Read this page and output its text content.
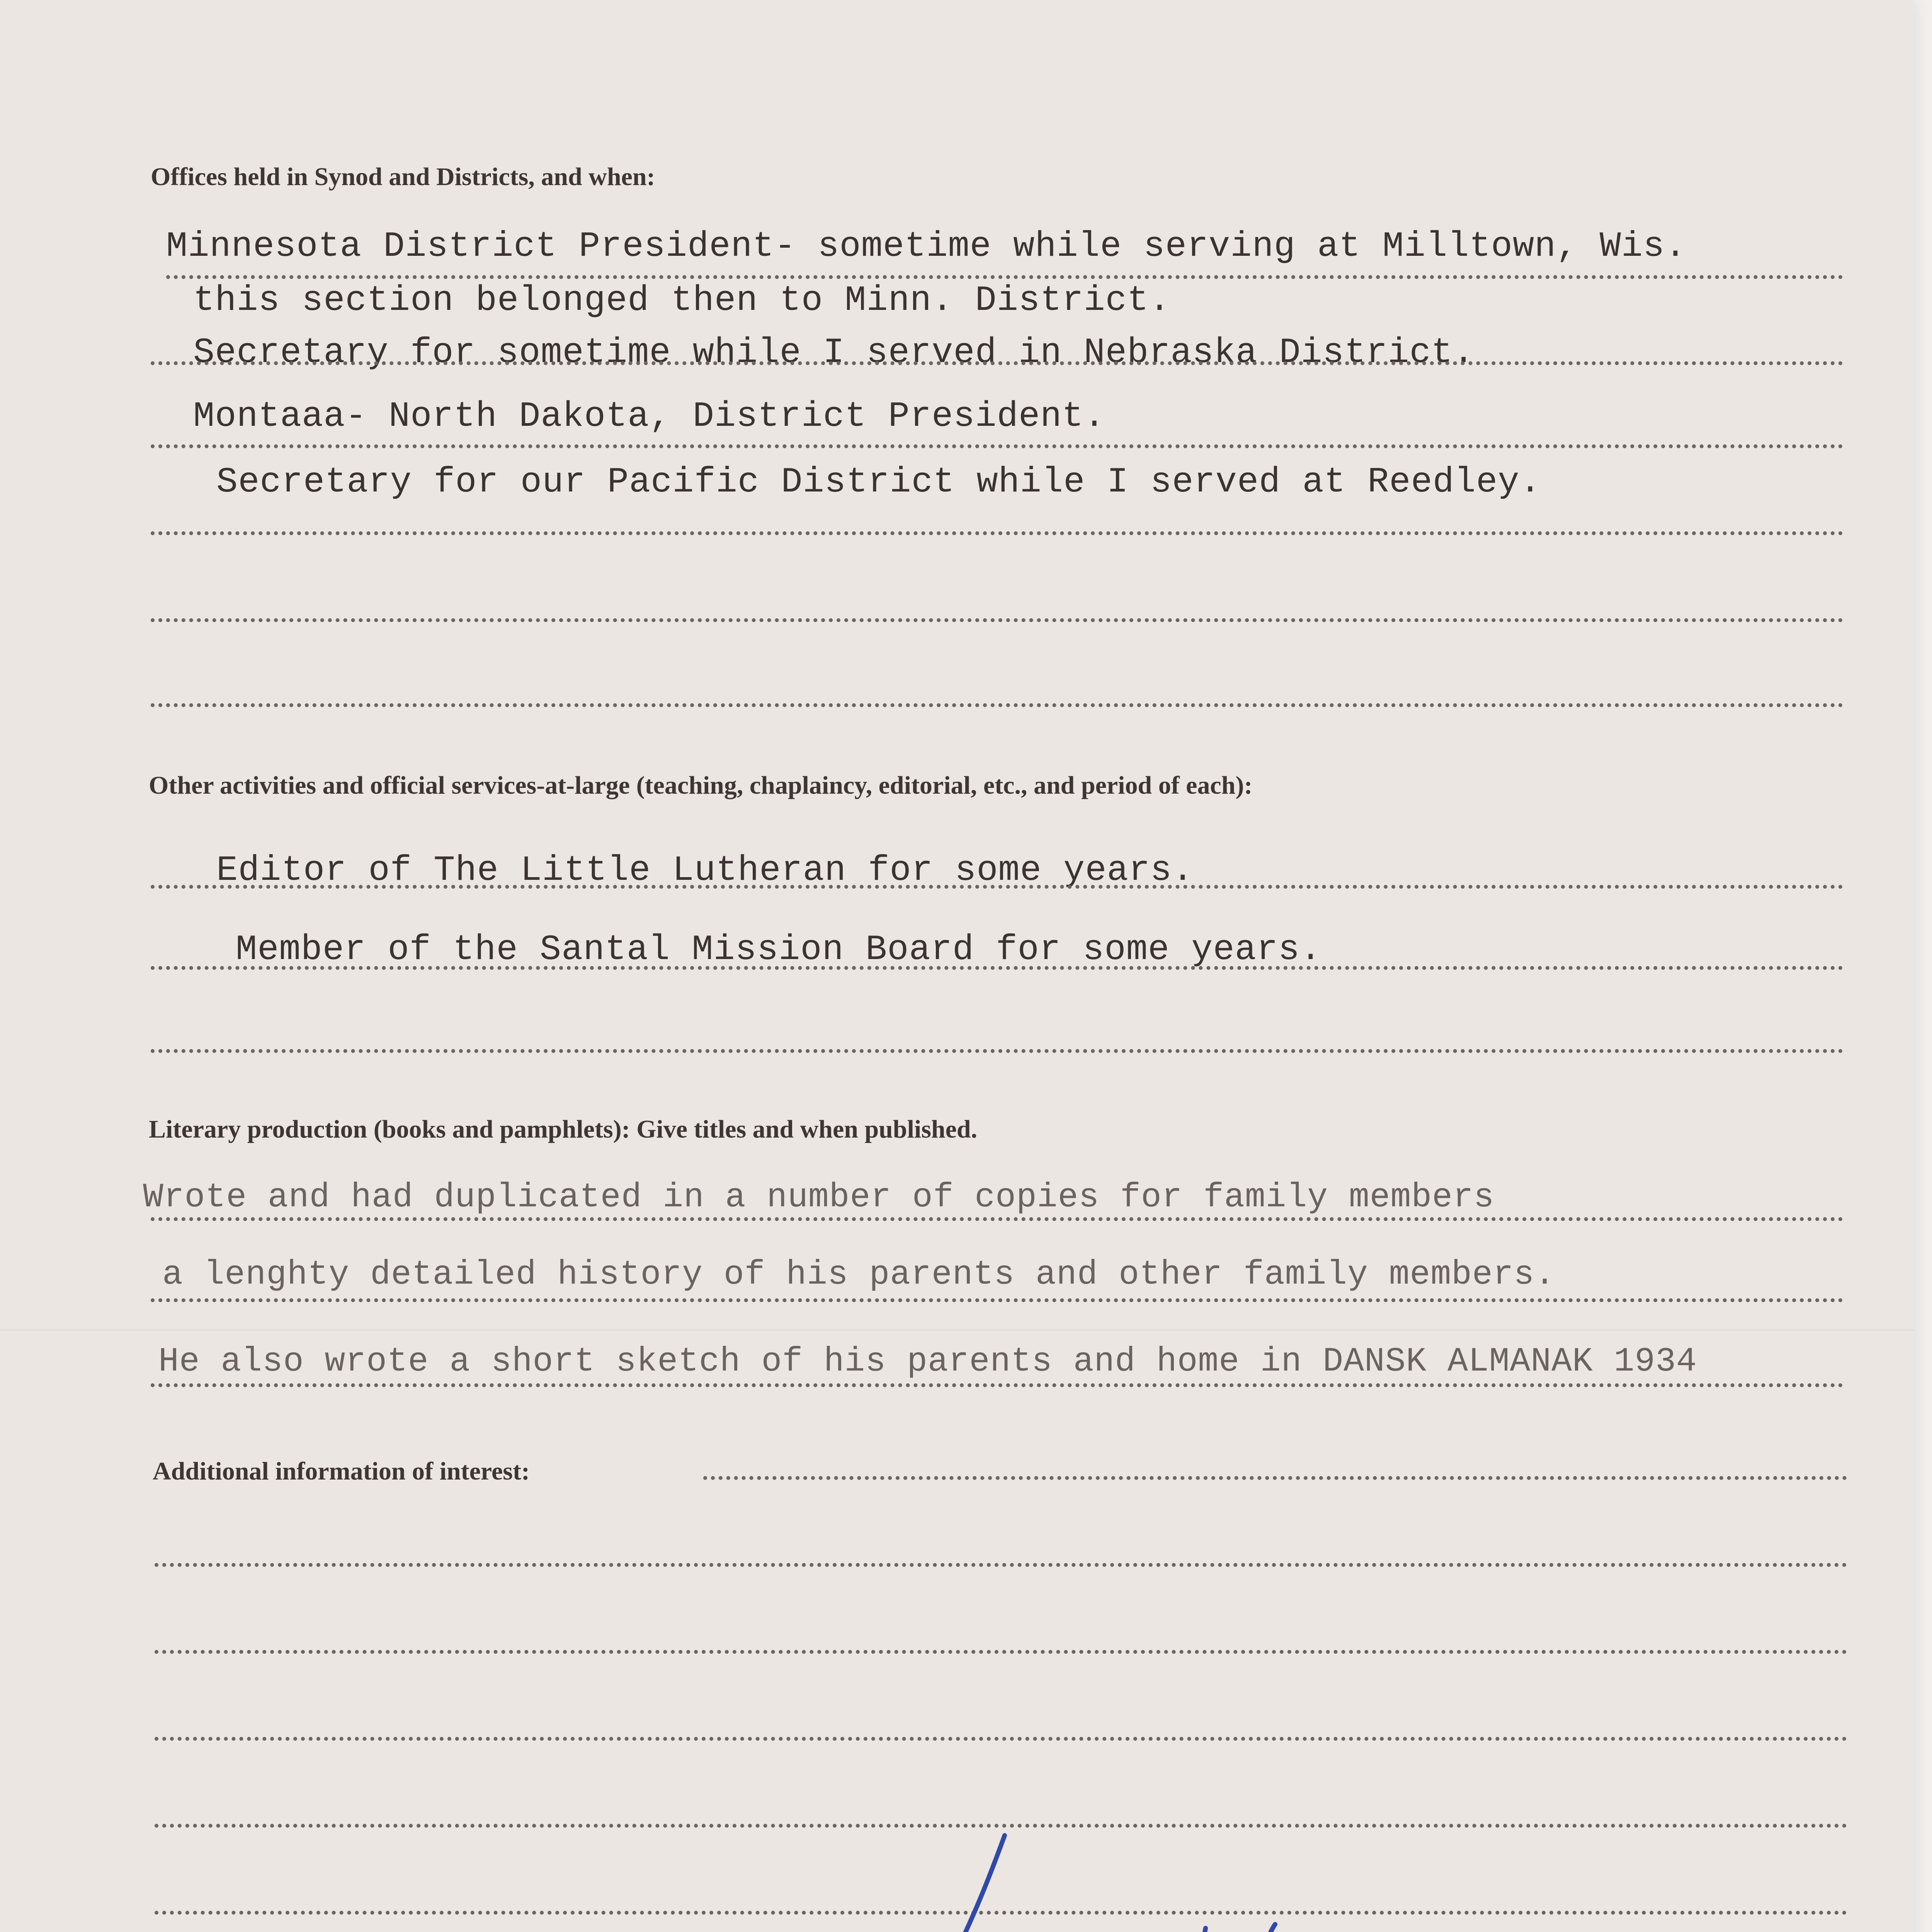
Offices held in Synod and Districts, and when:
Minnesota District President- sometime while serving at Milltown, Wis.
this section belonged then to Minn. District.
Secretary for sometime while I served in Nebraska District.
Montaaa- North Dakota, District President.
Secretary for our Pacific District while I served at Reedley.
Other activities and official services-at-large (teaching, chaplaincy, editorial, etc., and period of each):
Editor of The Little Lutheran for some years.
Member of the Santal Mission Board for some years.
Literary production (books and pamphlets): Give titles and when published.
Wrote and had duplicated in a number of copies for family members
a lenghty detailed history of his parents and other family members.
He also wrote a short sketch of his parents and home in DANSK ALMANAK 1934
Additional information of interest:
